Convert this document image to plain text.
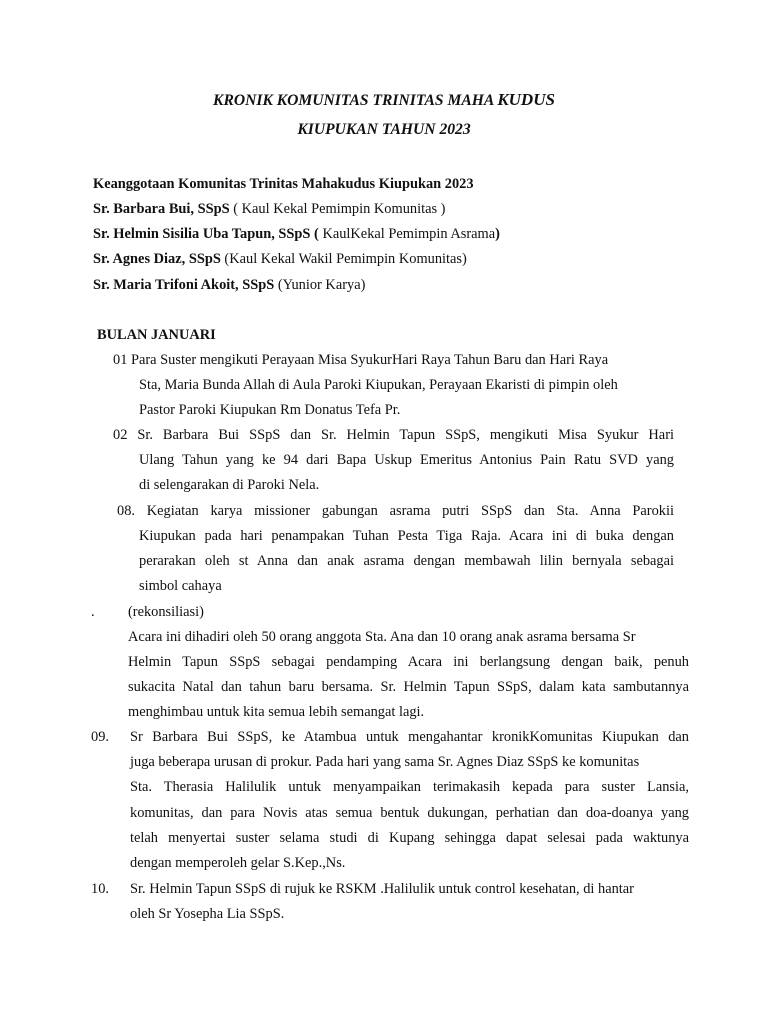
KRONIK KOMUNITAS TRINITAS MAHA KUDUS
KIUPUKAN TAHUN 2023
Keanggotaan Komunitas Trinitas Mahakudus Kiupukan 2023
Sr. Barbara Bui, SSpS ( Kaul Kekal Pemimpin Komunitas )
Sr. Helmin Sisilia Uba Tapun, SSpS ( KaulKekal Pemimpin Asrama)
Sr. Agnes Diaz, SSpS (Kaul Kekal Wakil Pemimpin Komunitas)
Sr. Maria Trifoni Akoit, SSpS (Yunior Karya)
BULAN JANUARI
01 Para Suster mengikuti Perayaan Misa SyukurHari Raya Tahun Baru dan Hari Raya
Sta, Maria Bunda Allah di Aula Paroki Kiupukan, Perayaan Ekaristi di pimpin oleh
Pastor Paroki Kiupukan Rm Donatus Tefa Pr.
02 Sr. Barbara Bui SSpS dan Sr. Helmin Tapun SSpS, mengikuti Misa Syukur Hari
Ulang Tahun yang ke 94 dari Bapa Uskup Emeritus Antonius Pain Ratu SVD yang
di selengarakan di Paroki Nela.
08. Kegiatan karya missioner gabungan asrama putri SSpS dan Sta. Anna Parokii
Kiupukan pada hari penampakan Tuhan Pesta Tiga Raja. Acara ini di buka dengan
perarakan oleh st Anna dan anak asrama dengan membawah lilin bernyala sebagai
simbol cahaya
. (rekonsiliasi)
Acara ini dihadiri oleh 50 orang anggota Sta. Ana dan 10 orang anak asrama bersama Sr
Helmin Tapun SSpS sebagai pendamping Acara ini berlangsung dengan baik, penuh
sukacita Natal dan tahun baru bersama. Sr. Helmin Tapun SSpS, dalam kata sambutannya
menghimbau untuk kita semua lebih semangat lagi.
09. Sr Barbara Bui SSpS, ke Atambua untuk mengahantar kronikKomunitas Kiupukan dan
juga beberapa urusan di prokur. Pada hari yang sama Sr. Agnes Diaz SSpS ke komunitas
Sta. Therasia Halilulik untuk menyampaikan terimakasih kepada para suster Lansia,
komunitas, dan para Novis atas semua bentuk dukungan, perhatian dan doa-doanya yang
telah menyertai suster selama studi di Kupang sehingga dapat selesai pada waktunya
dengan memperoleh gelar S.Kep.,Ns.
10. Sr. Helmin Tapun SSpS di rujuk ke RSKM .Halilulik untuk control kesehatan, di hantar
oleh Sr Yosepha Lia SSpS.
